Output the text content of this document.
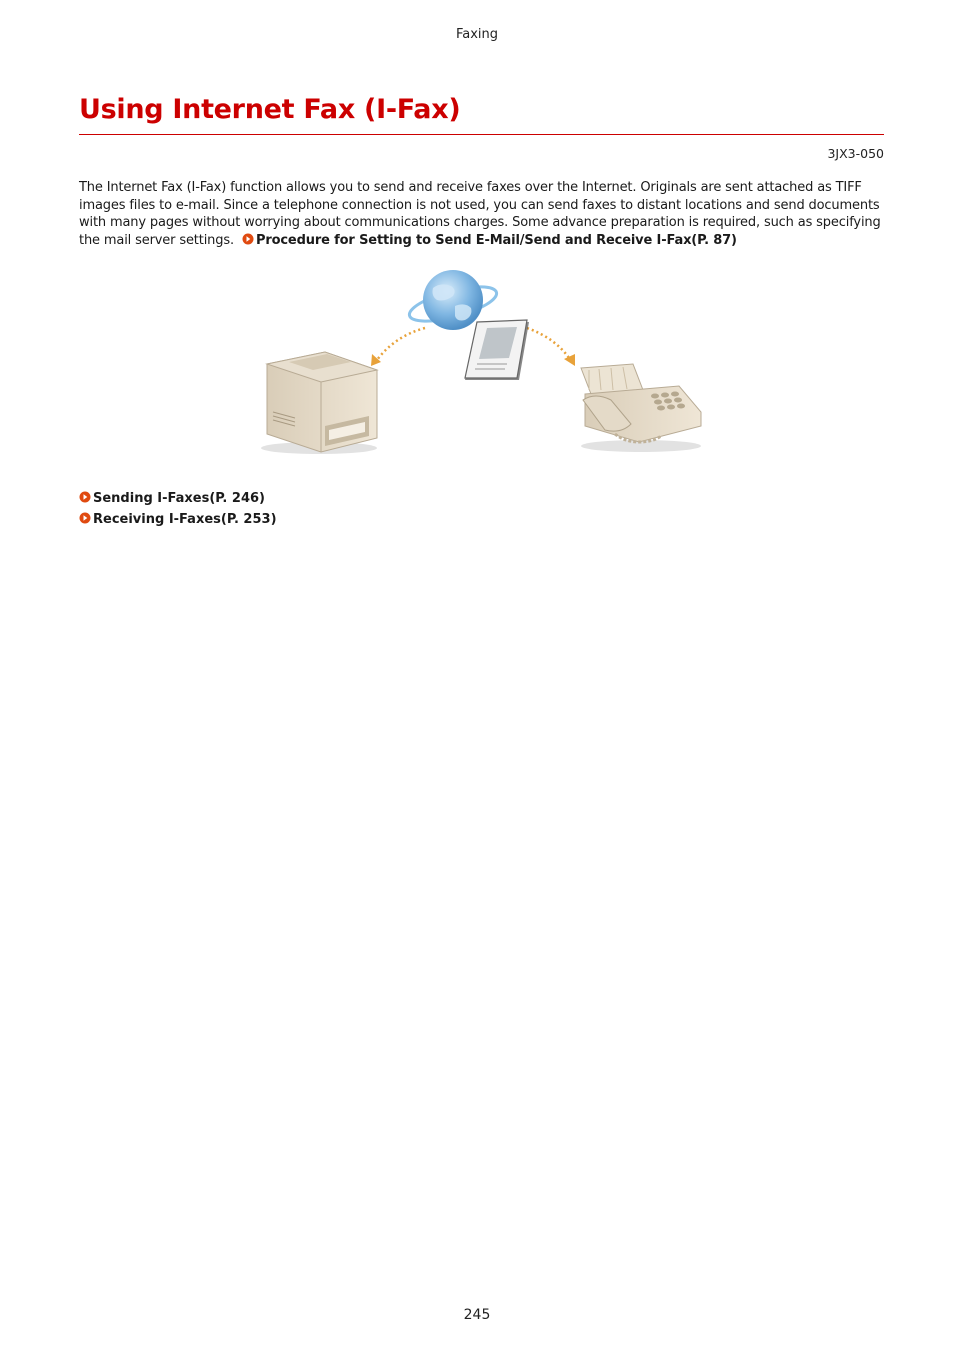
Faxing
Using Internet Fax (I-Fax)
3JX3-050

The Internet Fax (I-Fax) function allows you to send and receive faxes over the Internet. Originals are sent attached as TIFF images files to e-mail. Since a telephone connection is not used, you can send faxes to distant locations and send documents with many pages without worrying about communications charges. Some advance preparation is required, such as specifying the mail server settings. Procedure for Setting to Send E-Mail/Send and Receive I-Fax(P. 87)

Sending I-Faxes(P. 246)
Receiving I-Faxes(P. 253)
245
